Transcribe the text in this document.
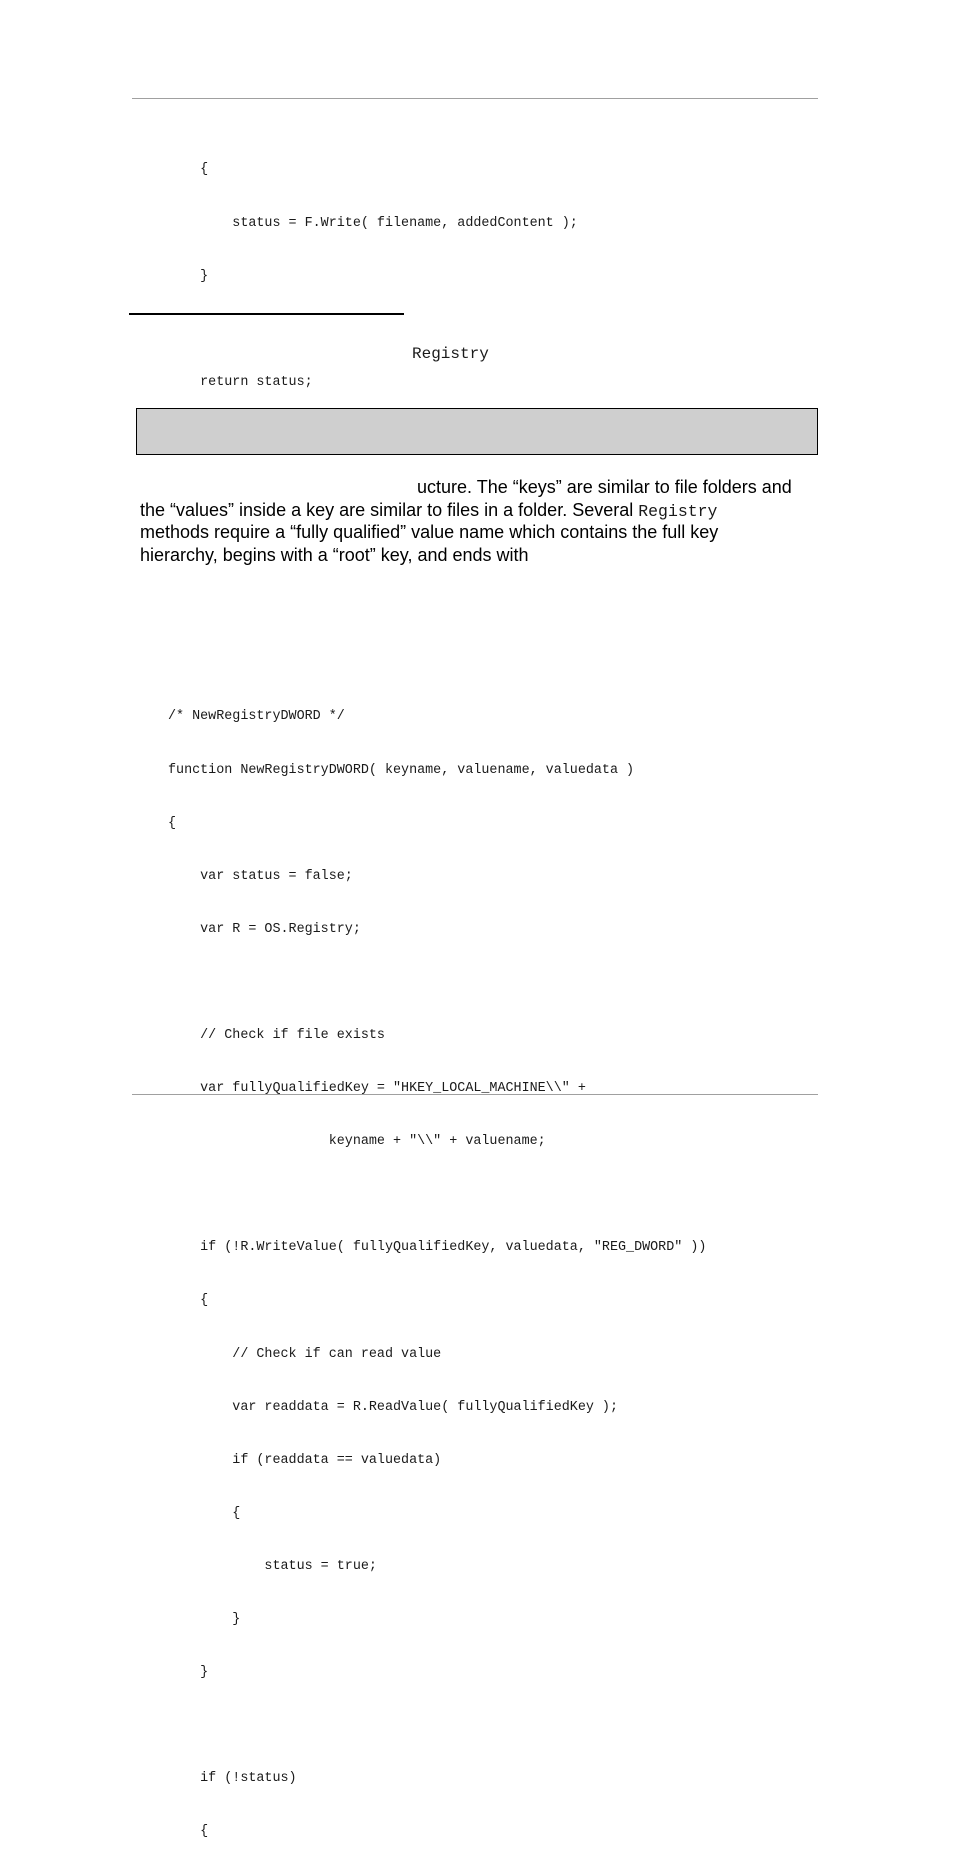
{

status = F.Write( filename, addedContent );

}

return status;

Registry
ucture. The “keys” are similar to file folders and
the “values” inside a key are similar to files in a folder. Several Registry
methods require a “fully qualified” value name which contains the full key
hierarchy, begins with a “root” key, and ends with

/* NewRegistryDWORD */

function NewRegistryDWORD( keyname, valuename, valuedata )

{

var status = false;

var R = OS.Registry;

// Check if file exists

var fullyQualifiedKey = "HKEY_LOCAL_MACHINE\\" +

keyname + "\\" + valuename;

if (!R.WriteValue( fullyQualifiedKey, valuedata, "REG_DWORD" ))

{

// Check if can read value

var readdata = R.ReadValue( fullyQualifiedKey );

if (readdata == valuedata)

{

status = true;

}

}

if (!status)

{
